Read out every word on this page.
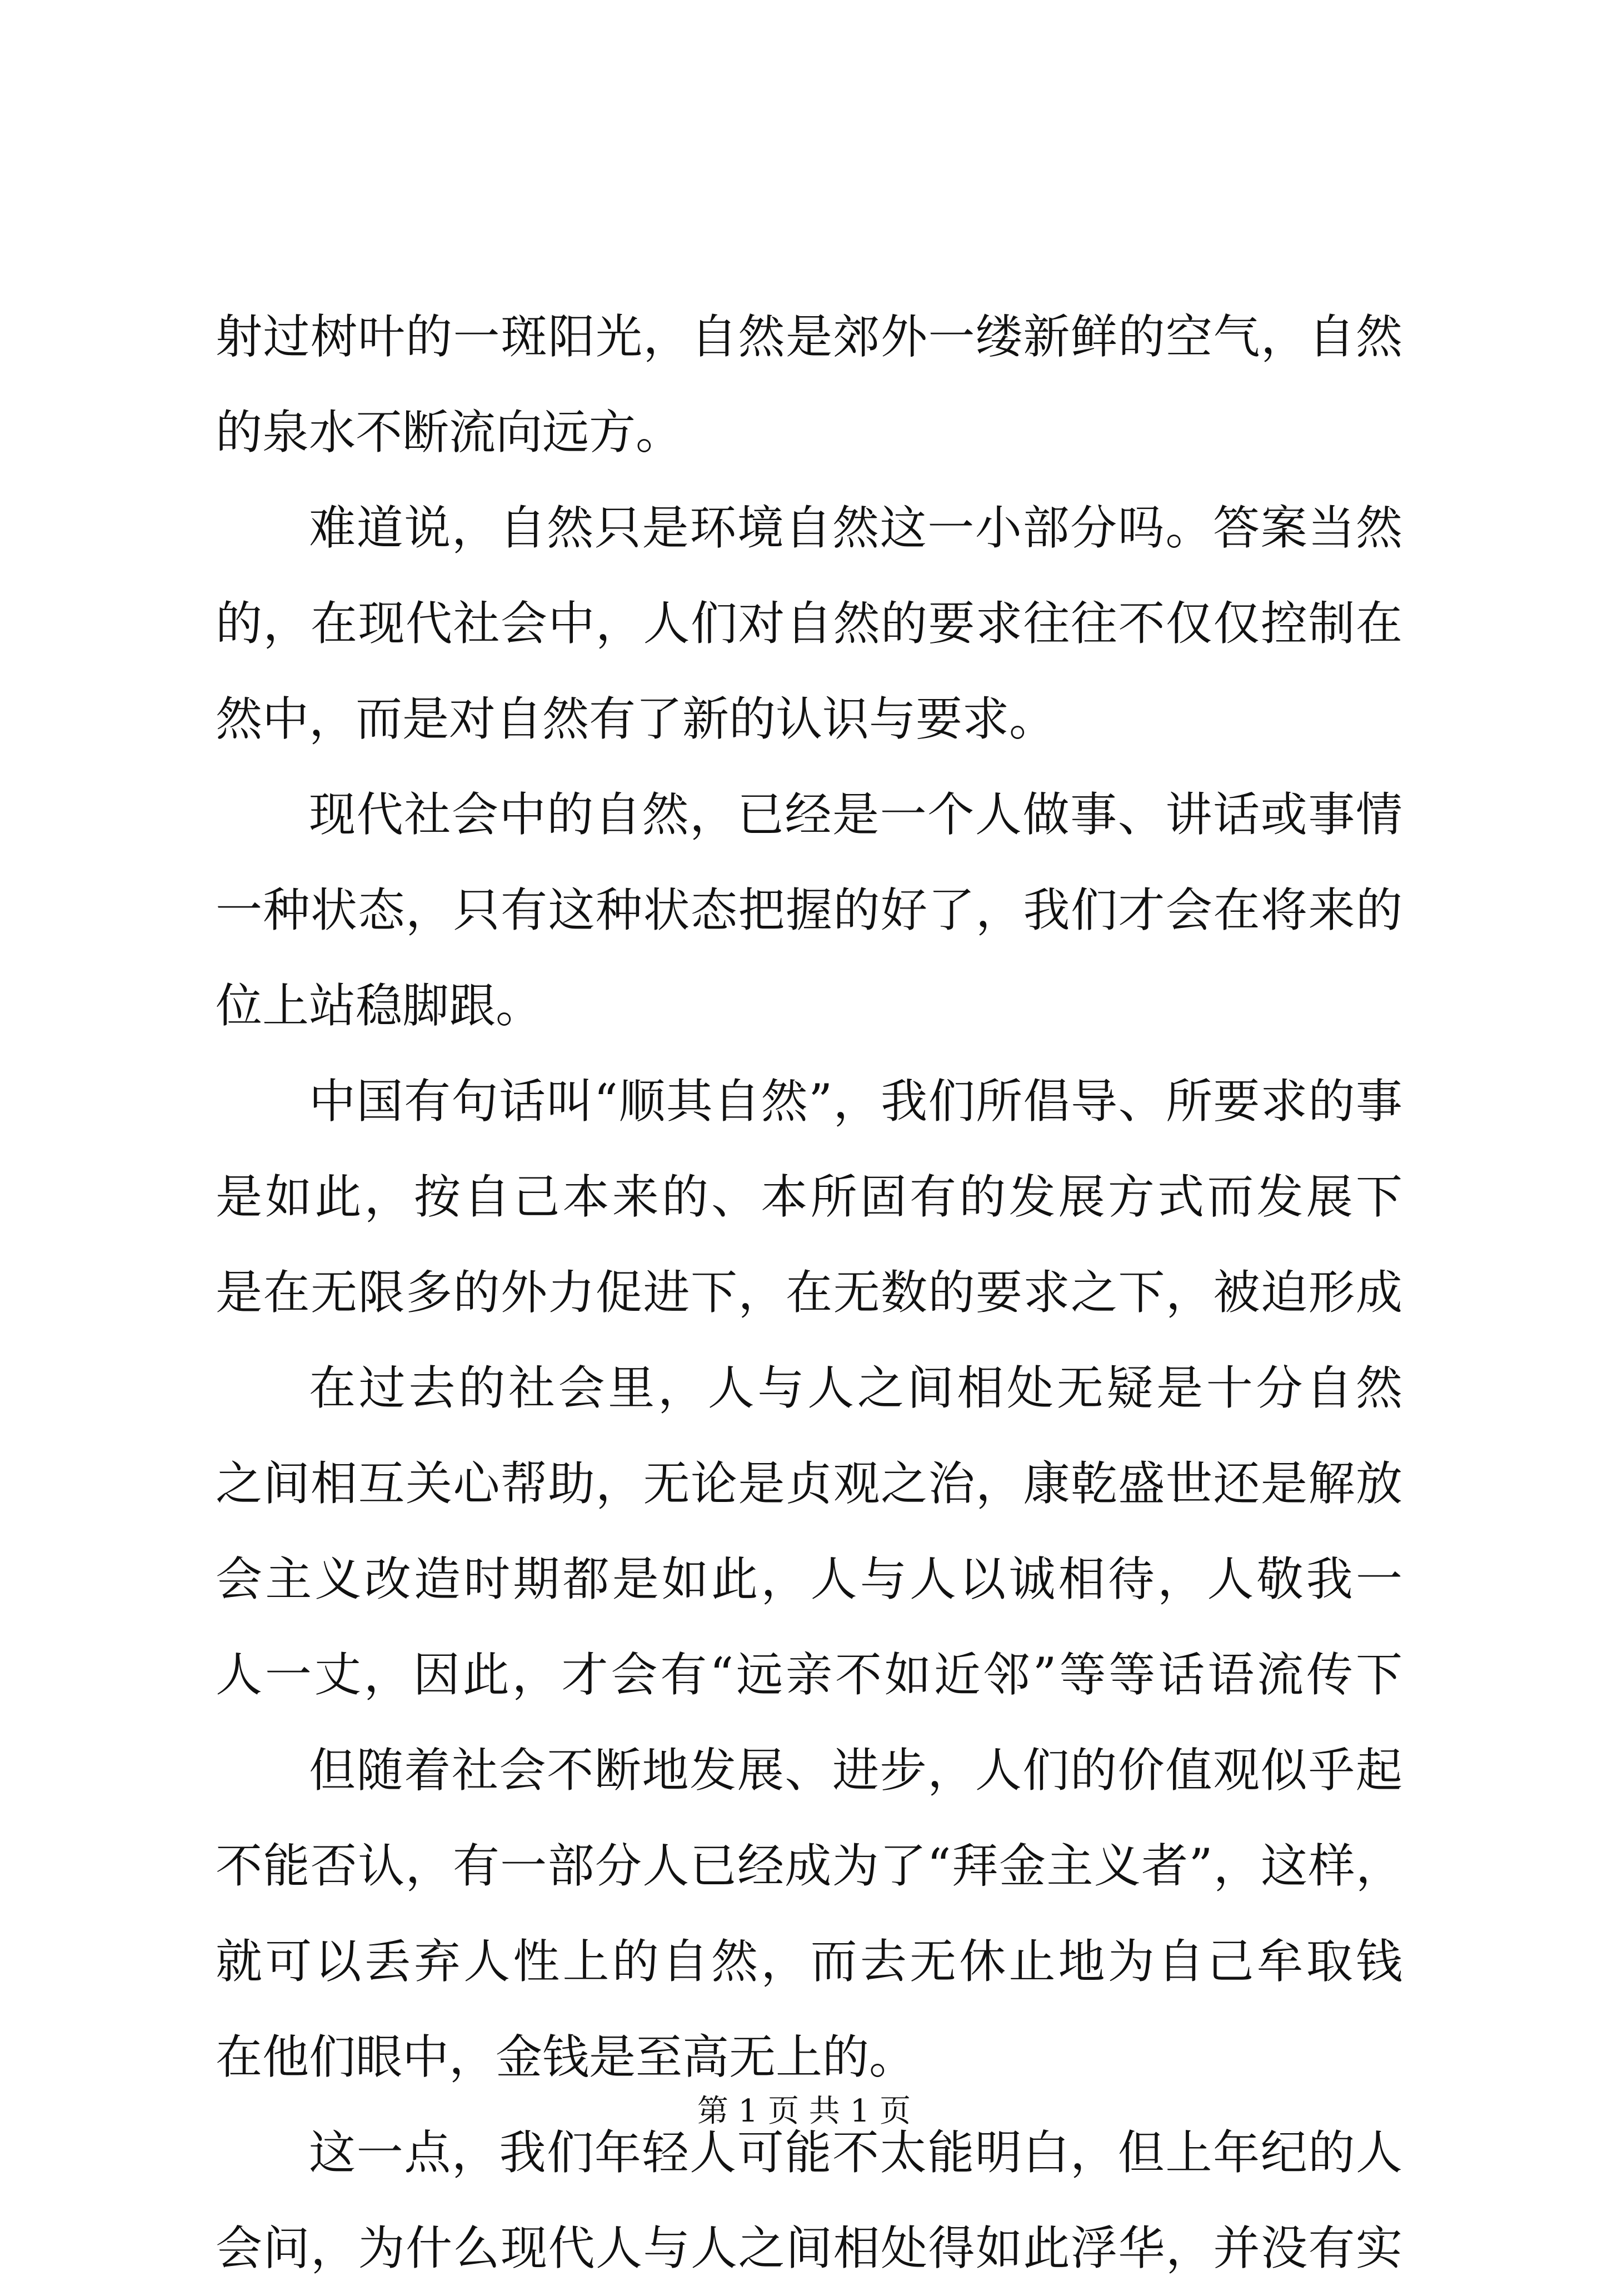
射过树叶的一斑阳光，自然是郊外一缕新鲜的空气，自然
的泉水不断流向远方。
难道说，自然只是环境自然这一小部分吗。答案当然
的，在现代社会中，人们对自然的要求往往不仅仅控制在
然中，而是对自然有了新的认识与要求。
现代社会中的自然，已经是一个人做事、讲话或事情
一种状态，只有这种状态把握的好了，我们才会在将来的
位上站稳脚跟。
中国有句话叫“顺其自然”，我们所倡导、所要求的事
是如此，按自己本来的、本所固有的发展方式而发展下
是在无限多的外力促进下，在无数的要求之下，被迫形成
在过去的社会里，人与人之间相处无疑是十分自然
之间相互关心帮助，无论是贞观之治，康乾盛世还是解放
会主义改造时期都是如此，人与人以诚相待，人敬我一
人一丈，因此，才会有“远亲不如近邻”等等话语流传下
但随着社会不断地发展、进步，人们的价值观似乎起
不能否认，有一部分人已经成为了“拜金主义者”，这样，
就可以丢弃人性上的自然，而去无休止地为自己牟取钱
在他们眼中，金钱是至高无上的。
这一点，我们年轻人可能不太能明白，但上年纪的人
会问，为什么现代人与人之间相处得如此浮华，并没有实
第 1 页 共 1 页
